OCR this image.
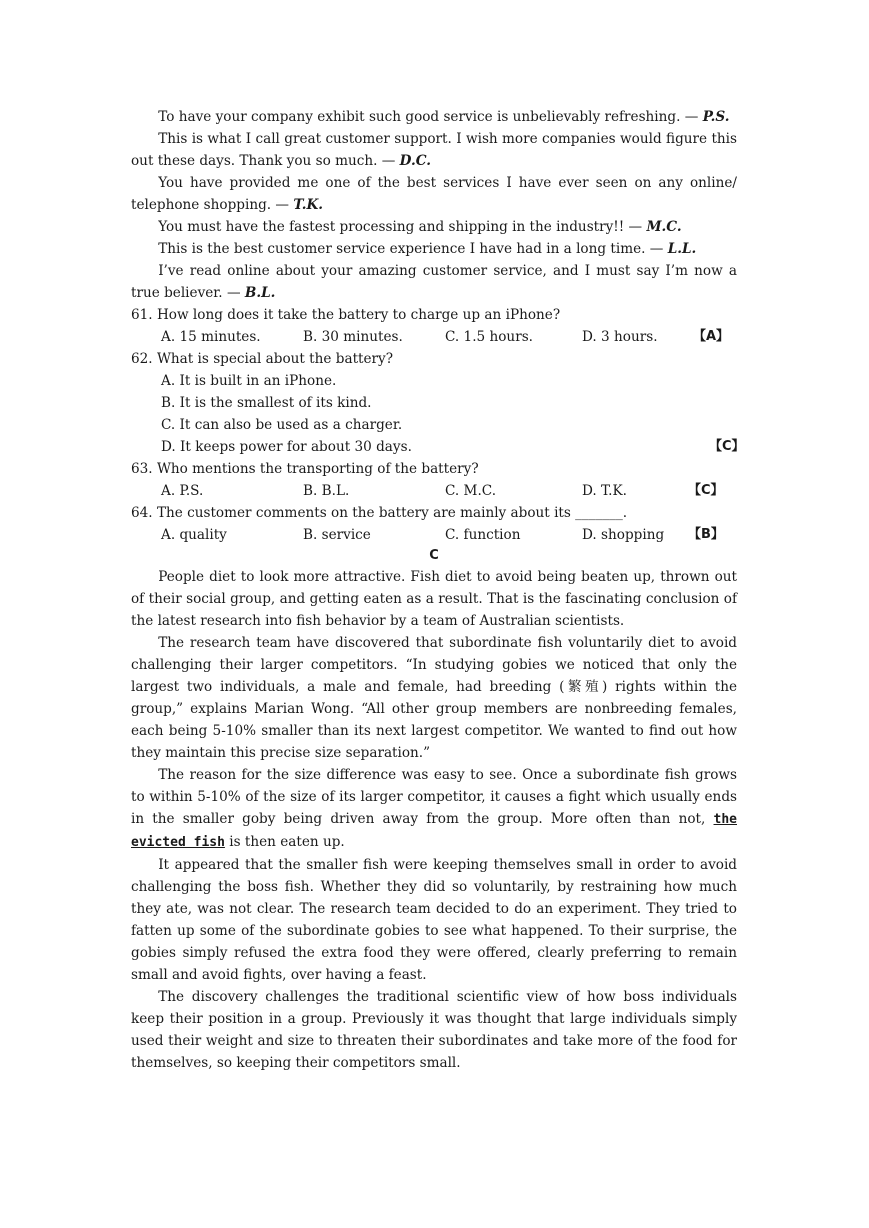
To have your company exhibit such good service is unbelievably refreshing. — P.S.

This is what I call great customer support. I wish more companies would figure this out these days. Thank you so much. — D.C.

You have provided me one of the best services I have ever seen on any online/ telephone shopping. — T.K.

You must have the fastest processing and shipping in the industry!! — M.C.

This is the best customer service experience I have had in a long time. — L.L.

I’ve read online about your amazing customer service, and I must say I’m now a true believer. — B.L.

61. How long does it take the battery to charge up an iPhone?

A. 15 minutes.	B. 30 minutes.	C. 1.5 hours.	D. 3 hours.	【A】

62. What is special about the battery?

A. It is built in an iPhone.

B. It is the smallest of its kind.

C. It can also be used as a charger.

D. It keeps power for about 30 days.	【C】

63. Who mentions the transporting of the battery?

A. P.S.	B. B.L.	C. M.C.	D. T.K.	【C】

64. The customer comments on the battery are mainly about its _______.

A. quality	B. service	C. function	D. shopping 【B】

C

People diet to look more attractive. Fish diet to avoid being beaten up, thrown out of their social group, and getting eaten as a result. That is the fascinating conclusion of the latest research into fish behavior by a team of Australian scientists.

The research team have discovered that subordinate fish voluntarily diet to avoid challenging their larger competitors. “In studying gobies we noticed that only the largest two individuals, a male and female, had breeding (繁殖) rights within the group,” explains Marian Wong. “All other group members are nonbreeding females, each being 5-10% smaller than its next largest competitor. We wanted to find out how they maintain this precise size separation.”

The reason for the size difference was easy to see. Once a subordinate fish grows to within 5-10% of the size of its larger competitor, it causes a fight which usually ends in the smaller goby being driven away from the group. More often than not, the evicted fish is then eaten up.

It appeared that the smaller fish were keeping themselves small in order to avoid challenging the boss fish. Whether they did so voluntarily, by restraining how much they ate, was not clear. The research team decided to do an experiment. They tried to fatten up some of the subordinate gobies to see what happened. To their surprise, the gobies simply refused the extra food they were offered, clearly preferring to remain small and avoid fights, over having a feast.

The discovery challenges the traditional scientific view of how boss individuals keep their position in a group. Previously it was thought that large individuals simply used their weight and size to threaten their subordinates and take more of the food for themselves, so keeping their competitors small.
